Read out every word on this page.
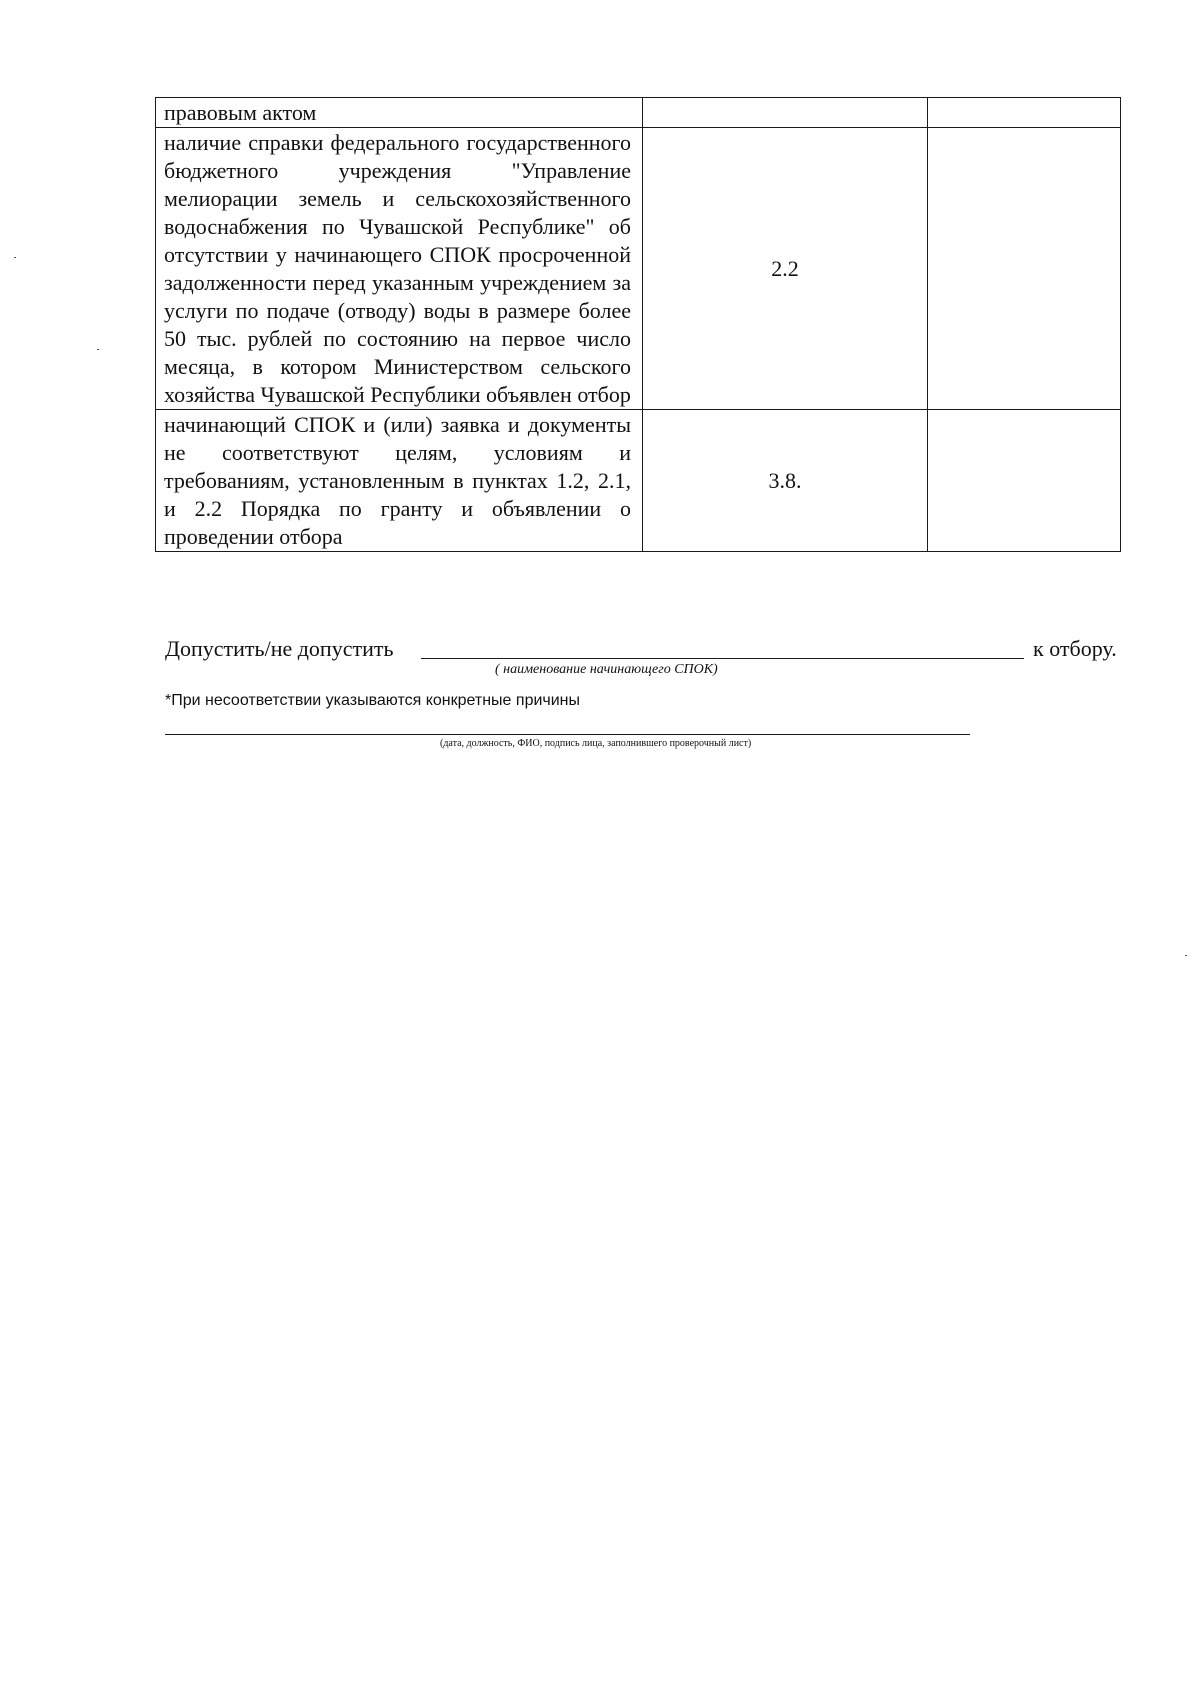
правовым актом		
наличие справки федерального государственного бюджетного учреждения "Управление мелиорации земель и сельскохозяйственного водоснабжения по Чувашской Республике" об отсутствии у начинающего СПОК просроченной задолженности перед указанным учреждением за услуги по подаче (отводу) воды в размере более 50 тыс. рублей по состоянию на первое число месяца, в котором Министерством сельского хозяйства Чувашской Республики объявлен отбор	2.2	
начинающий СПОК и (или) заявка и документы не соответствуют целям, условиям и требованиям, установленным в пунктах 1.2, 2.1, и 2.2 Порядка по гранту и объявлении о проведении отбора	3.8.	
Допустить/не допустить
( наименование начинающего СПОК)
к отбору.
*При несоответствии указываются конкретные причины
(дата, должность, ФИО, подпись лица, заполнившего проверочный лист)
